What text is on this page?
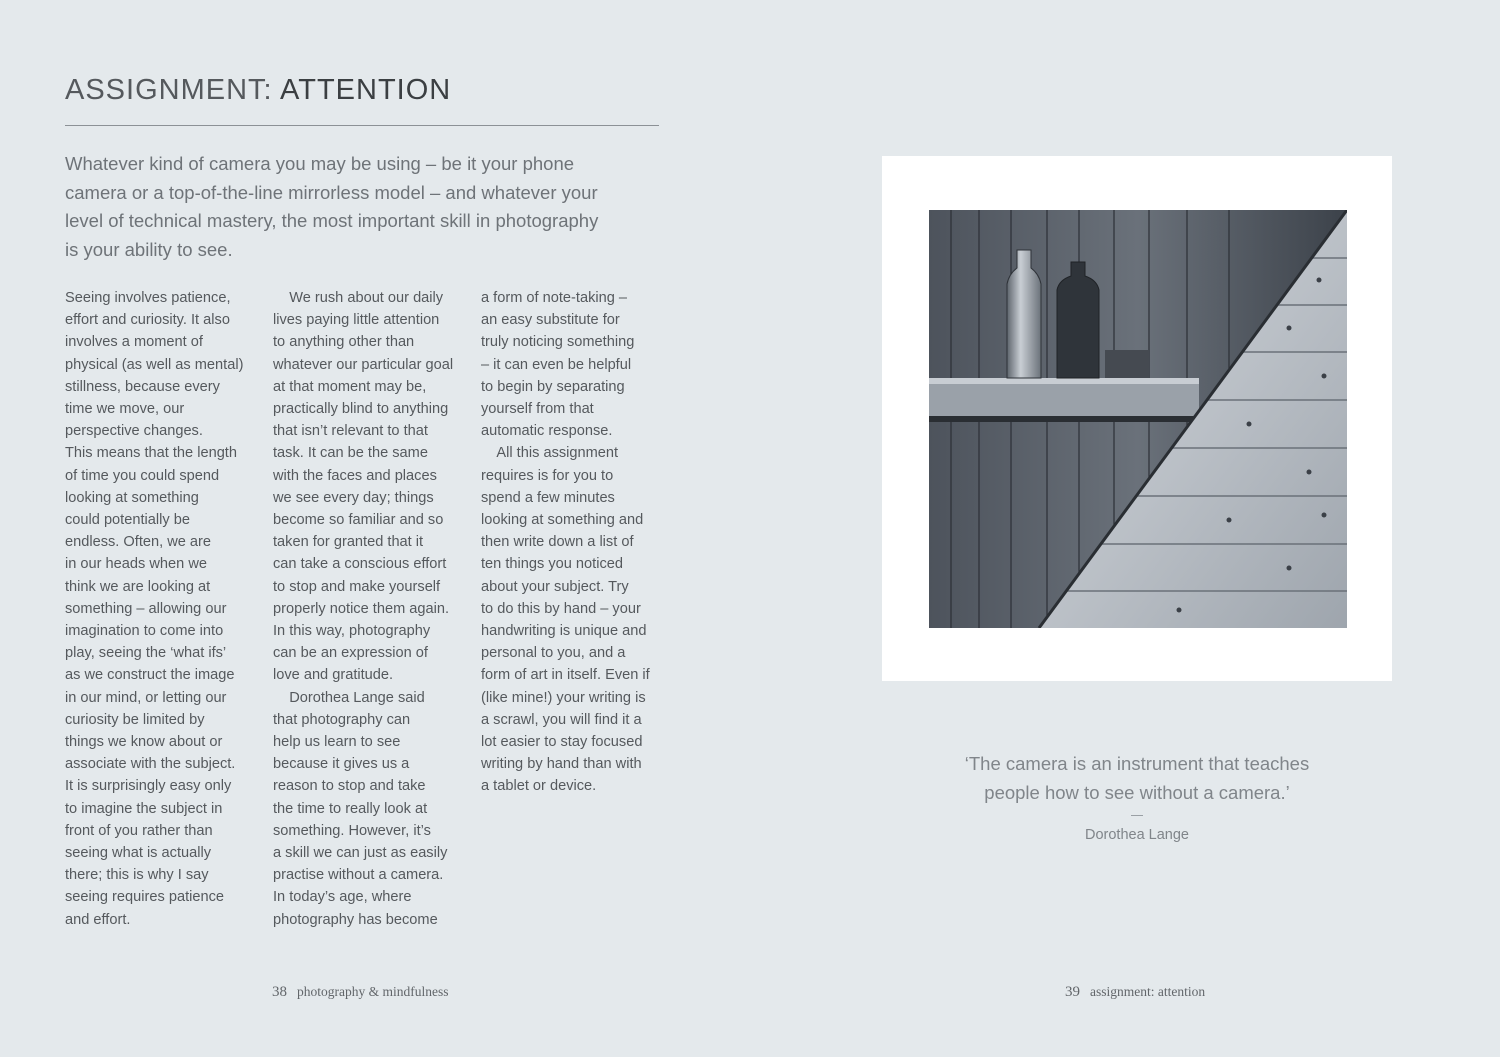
ASSIGNMENT: ATTENTION

Whatever kind of camera you may be using – be it your phone
camera or a top-of-the-line mirrorless model – and whatever your
level of technical mastery, the most important skill in photography
is your ability to see.

Seeing involves patience,
effort and curiosity. It also
involves a moment of
physical (as well as mental)
stillness, because every
time we move, our
perspective changes.
This means that the length
of time you could spend
looking at something
could potentially be
endless. Often, we are
in our heads when we
think we are looking at
something – allowing our
imagination to come into
play, seeing the ‘what ifs’
as we construct the image
in our mind, or letting our
curiosity be limited by
things we know about or
associate with the subject.
It is surprisingly easy only
to imagine the subject in
front of you rather than
seeing what is actually
there; this is why I say
seeing requires patience
and effort.
We rush about our daily
lives paying little attention
to anything other than
whatever our particular goal
at that moment may be,
practically blind to anything
that isn’t relevant to that
task. It can be the same
with the faces and places
we see every day; things
become so familiar and so
taken for granted that it
can take a conscious effort
to stop and make yourself
properly notice them again.
In this way, photography
can be an expression of
love and gratitude.
Dorothea Lange said
that photography can
help us learn to see
because it gives us a
reason to stop and take
the time to really look at
something. However, it’s
a skill we can just as easily
practise without a camera.
In today’s age, where
photography has become
a form of note-taking –
an easy substitute for
truly noticing something
– it can even be helpful
to begin by separating
yourself from that
automatic response.
All this assignment
requires is for you to
spend a few minutes
looking at something and
then write down a list of
ten things you noticed
about your subject. Try
to do this by hand – your
handwriting is unique and
personal to you, and a
form of art in itself. Even if
(like mine!) your writing is
a scrawl, you will find it a
lot easier to stay focused
writing by hand than with
a tablet or device.
38 photography & mindfulness
‘The camera is an instrument that teaches
people how to see without a camera.’
Dorothea Lange
39 assignment: attention
